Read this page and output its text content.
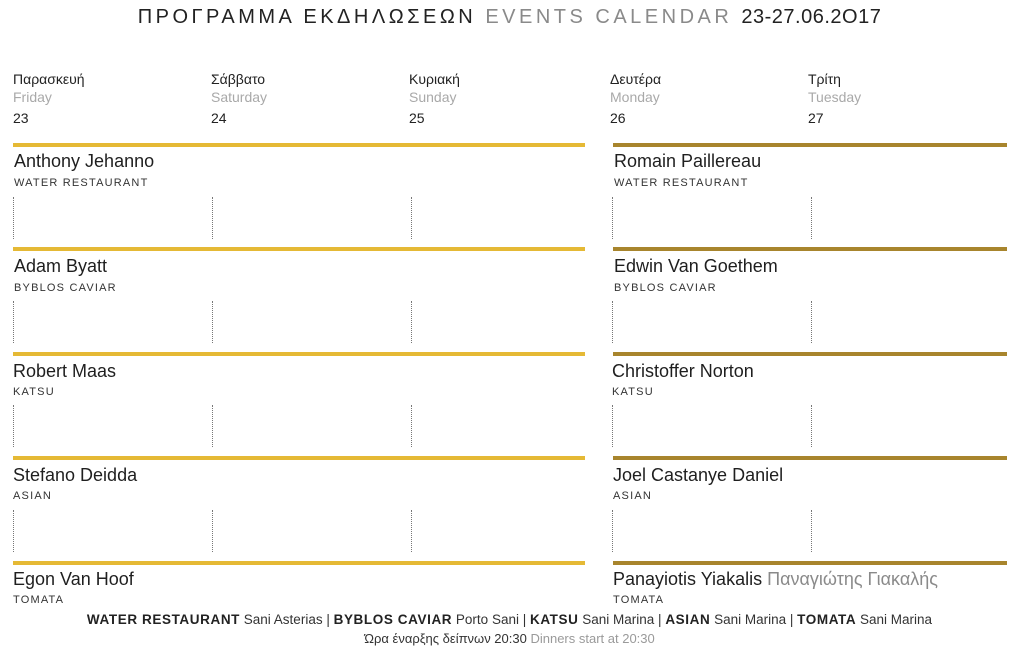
ΠΡΟΓΡΑΜΜΑ ΕΚΔΗΛΩΣΕΩΝ EVENTS CALENDAR 23-27.06.2O17
Παρασκευή
Friday
23
Σάββατο
Saturday
24
Κυριακή
Sunday
25
Δευτέρα
Monday
26
Τρίτη
Tuesday
27
Anthony Jehanno
WATER RESTAURANT
Romain Paillereau
WATER RESTAURANT
Adam Byatt
BYBLOS CAVIAR
Edwin Van Goethem
BYBLOS CAVIAR
Robert Maas
KATSU
Christoffer Norton
KATSU
Stefano Deidda
ASIAN
Joel Castanye Daniel
ASIAN
Egon Van Hoof
TOMATA
Panayiotis Yiakalis Παναγιώτης Γιακαλής
TOMATA
WATER RESTAURANT Sani Asterias | BYBLOS CAVIAR Porto Sani | KATSU Sani Marina | ASIAN Sani Marina | TOMATA Sani Marina
Ώρα έναρξης δείπνων 20:30 Dinners start at 20:30
